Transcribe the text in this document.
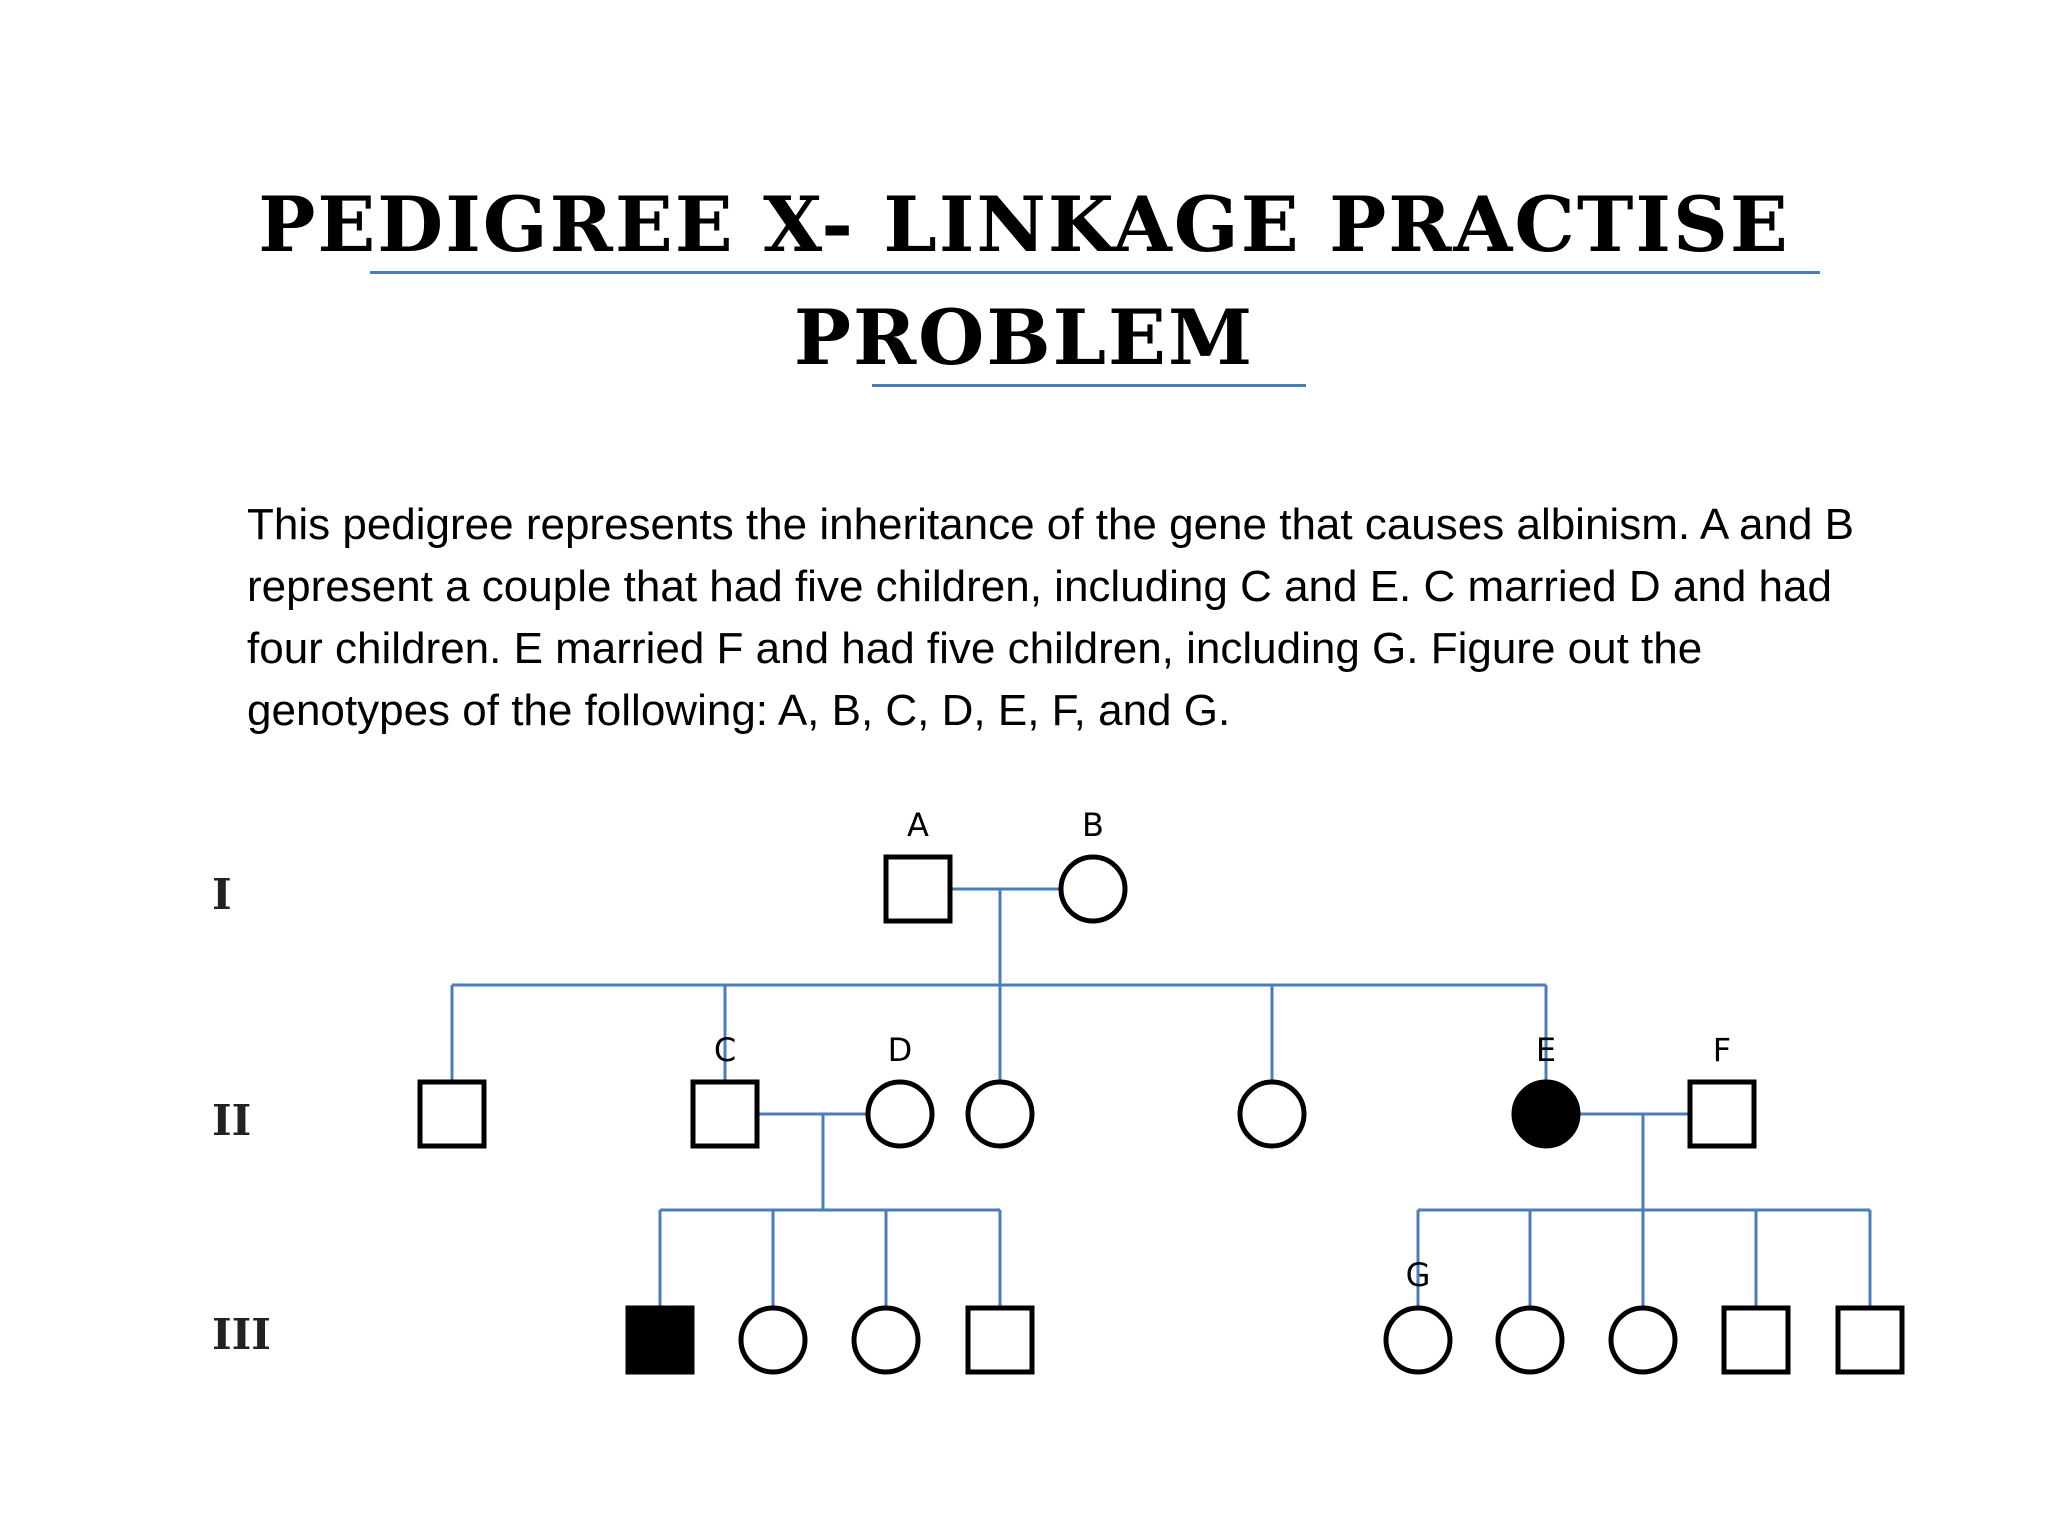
PEDIGREE X- LINKAGE PRACTISE
PROBLEM
This pedigree represents the inheritance of the gene that causes albinism. A and B represent a couple that had five children, including C and E. C married D and had four children. E married F and had five children, including G. Figure out the genotypes of the following: A, B, C, D, E, F, and G.
I
II
III
A	B
C	D	E	F
G
